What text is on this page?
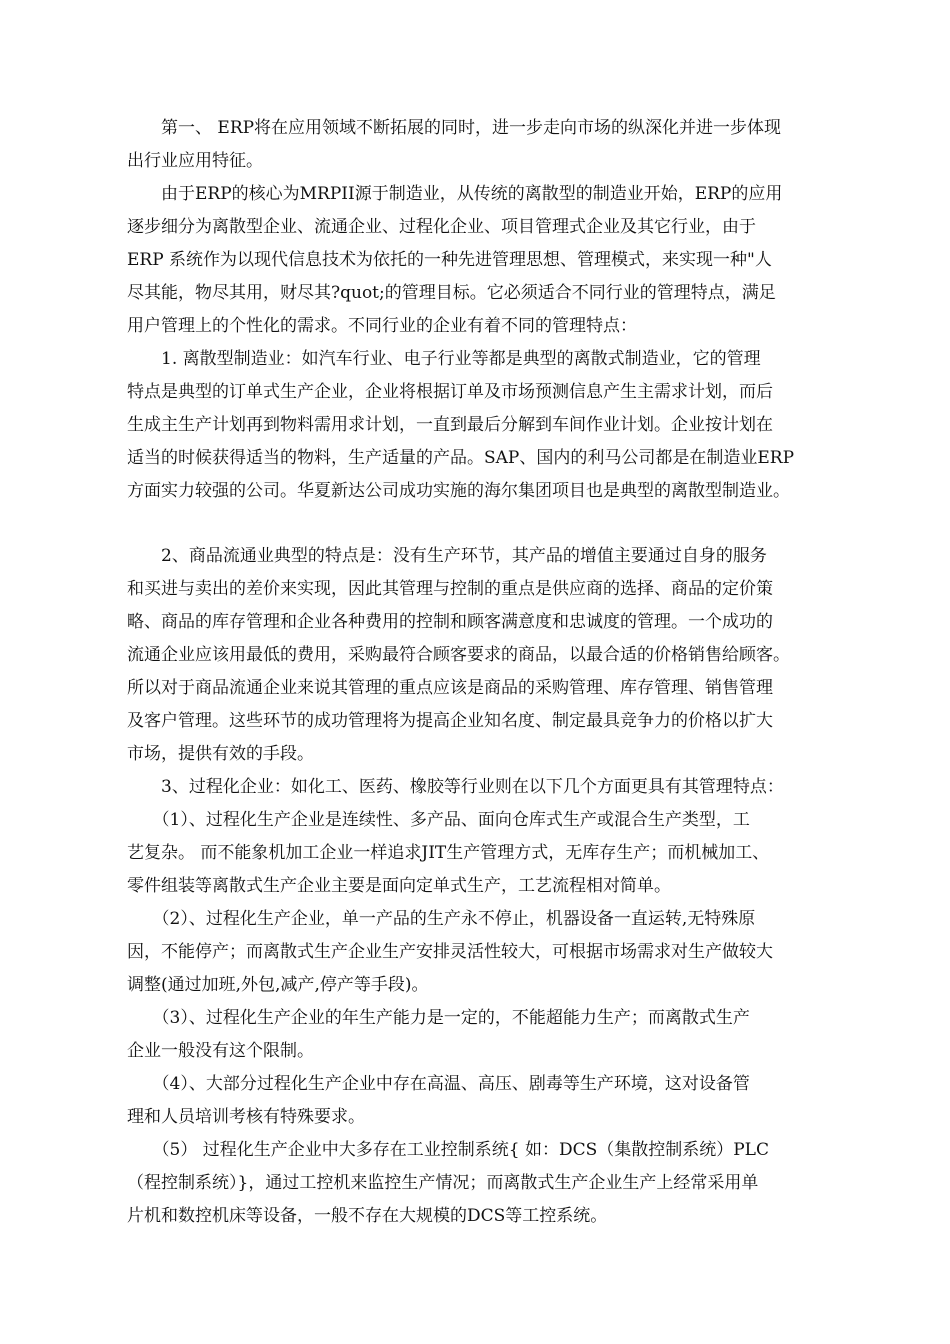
　　第一、 ERP将在应用领域不断拓展的同时，进一步走向市场的纵深化并进一步体现
出行业应用特征。
　　由于ERP的核心为MRPII源于制造业，从传统的离散型的制造业开始，ERP的应用
逐步细分为离散型企业、流通企业、过程化企业、项目管理式企业及其它行业，由于
ERP 系统作为以现代信息技术为依托的一种先进管理思想、管理模式，来实现一种"人
尽其能，物尽其用，财尽其?quot;的管理目标。它必须适合不同行业的管理特点，满足
用户管理上的个性化的需求。不同行业的企业有着不同的管理特点：
　　1. 离散型制造业：如汽车行业、电子行业等都是典型的离散式制造业，它的管理
特点是典型的订单式生产企业，企业将根据订单及市场预测信息产生主需求计划，而后
生成主生产计划再到物料需用求计划，一直到最后分解到车间作业计划。企业按计划在
适当的时候获得适当的物料，生产适量的产品。SAP、国内的利马公司都是在制造业ERP
方面实力较强的公司。华夏新达公司成功实施的海尔集团项目也是典型的离散型制造业。
　　2、商品流通业典型的特点是：没有生产环节，其产品的增值主要通过自身的服务
和买进与卖出的差价来实现，因此其管理与控制的重点是供应商的选择、商品的定价策
略、商品的库存管理和企业各种费用的控制和顾客满意度和忠诚度的管理。一个成功的
流通企业应该用最低的费用，采购最符合顾客要求的商品，以最合适的价格销售给顾客。
所以对于商品流通企业来说其管理的重点应该是商品的采购管理、库存管理、销售管理
及客户管理。这些环节的成功管理将为提高企业知名度、制定最具竞争力的价格以扩大
市场，提供有效的手段。
　　3、过程化企业：如化工、医药、橡胶等行业则在以下几个方面更具有其管理特点：
　　（1）、过程化生产企业是连续性、多产品、面向仓库式生产或混合生产类型，工
艺复杂。 而不能象机加工企业一样追求JIT生产管理方式，无库存生产；而机械加工、
零件组装等离散式生产企业主要是面向定单式生产，工艺流程相对简单。
　　（2）、过程化生产企业，单一产品的生产永不停止，机器设备一直运转,无特殊原
因，不能停产；而离散式生产企业生产安排灵活性较大，可根据市场需求对生产做较大
调整(通过加班,外包,减产,停产等手段)。
　　（3）、过程化生产企业的年生产能力是一定的，不能超能力生产；而离散式生产
企业一般没有这个限制。
　　（4）、大部分过程化生产企业中存在高温、高压、剧毒等生产环境，这对设备管
理和人员培训考核有特殊要求。
　　（5） 过程化生产企业中大多存在工业控制系统{ 如：DCS（集散控制系统）PLC
（程控制系统）}，通过工控机来监控生产情况；而离散式生产企业生产上经常采用单
片机和数控机床等设备，一般不存在大规模的DCS等工控系统。
